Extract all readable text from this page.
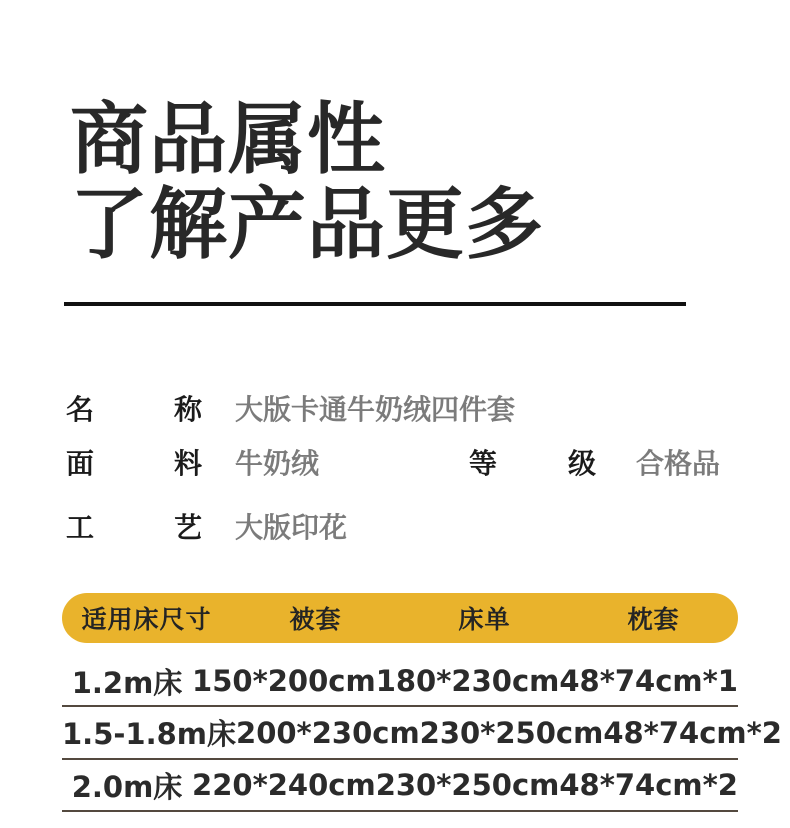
商品属性
了解产品更多
名	称 大版卡通牛奶绒四件套
面	料 牛奶绒	等	级 合格品
工	艺 大版印花
适用床尺寸	被套	床单	枕套
1.2m床 150*200cm 180*230cm 48*74cm*1
1.5-1.8m床 200*230cm 230*250cm 48*74cm*2
2.0m床 220*240cm 230*250cm 48*74cm*2
